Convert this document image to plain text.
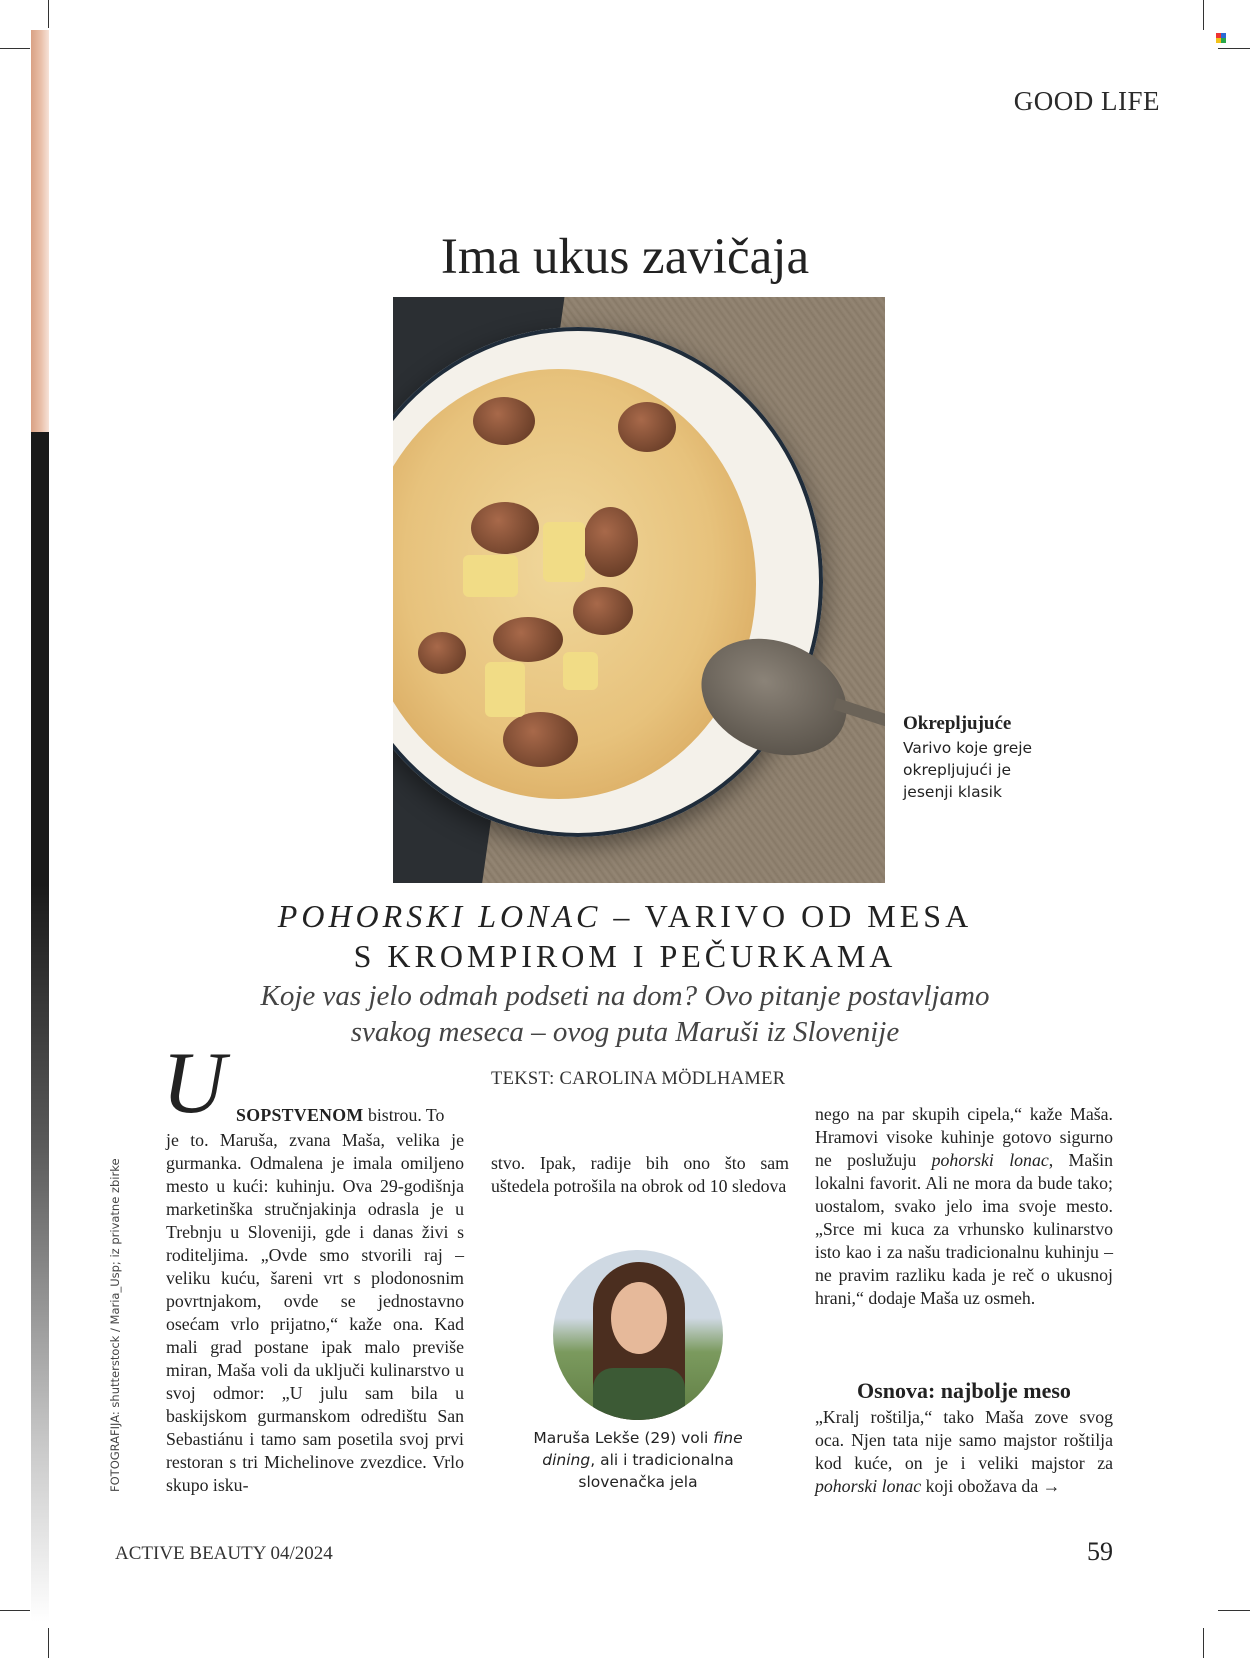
GOOD LIFE
Ima ukus zavičaja
Okrepljujuće
Varivo koje greje okrepljujući je jesenji klasik
POHORSKI LONAC – VARIVO OD MESA
S KROMPIROM I PEČURKAMA
Koje vas jelo odmah podseti na dom? Ovo pitanje postavljamo
svakog meseca – ovog puta Maruši iz Slovenije
TEKST: CAROLINA MÖDLHAMER
U SOPSTVENOM bistrou. To

je to. Maruša, zvana Maša, velika je gurmanka. Odmalena je imala omiljeno mesto u kući: kuhinju. Ova 29-godišnja marketinška stručnjakinja odrasla je u Trebnju u Sloveniji, gde i danas živi s roditeljima. „Ovde smo stvorili raj – veliku kuću, šareni vrt s plodonosnim povrtnjakom, ovde se jednostavno osećam vrlo prijatno,“ kaže ona. Kad mali grad postane ipak malo previše miran, Maša voli da uključi kulinarstvo u svoj odmor: „U julu sam bila u baskijskom gurmanskom odredištu San Sebastiánu i tamo sam posetila svoj prvi restoran s tri Michelinove zvezdice. Vrlo skupo isku-

stvo. Ipak, radije bih ono što sam uštedela potrošila na obrok od 10 sledova

Maruša Lekše (29) voli fine dining, ali i tradicionalna slovenačka jela

nego na par skupih cipela,“ kaže Maša. Hramovi visoke kuhinje gotovo sigurno ne poslužuju pohorski lonac, Mašin lokalni favorit. Ali ne mora da bude tako; uostalom, svako jelo ima svoje mesto. „Srce mi kuca za vrhunsko kulinarstvo isto kao i za našu tradicionalnu kuhinju – ne pravim razliku kada je reč o ukusnoj hrani,“ dodaje Maša uz osmeh.

Osnova: najbolje meso

„Kralj roštilja,“ tako Maša zove svog oca. Njen tata nije samo majstor roštilja kod kuće, on je i veliki majstor za pohorski lonac koji obožava da →

FOTOGRAFIJA: shutterstock / Maria_Usp; iz privatne zbirke
ACTIVE BEAUTY 04/2024	59
